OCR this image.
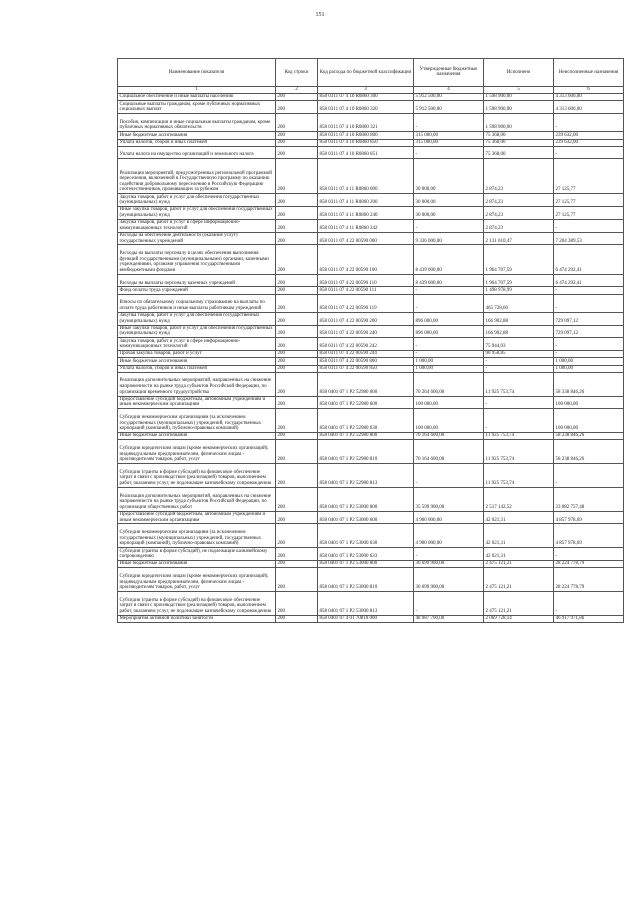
151
Наименование показателя	Код строки	Код расхода по бюджетной классификации	Утвержденные бюджетные назначения	Исполнено	Неисполненные назначения
1	2	3	4	5	6
Социальное обеспечение и иные выплаты населению	200	858 0311 07 4 10 R0860 300	5 912 500,00	1 598 900,00	4 313 600,00
Социальные выплаты гражданам, кроме публичных нормативных социальных выплат	200	858 0311 07 4 10 R0860 320	5 912 500,00	1 598 900,00	4 313 600,00
Пособия, компенсации и иные социальные выплаты гражданам, кроме публичных нормативных обязательств	200	858 0311 07 4 10 R0860 321	-	1 598 900,00	-
Иные бюджетные ассигнования	200	858 0311 07 4 10 R0860 800	315 000,00	75 368,00	239 632,00
Уплата налогов, сборов и иных платежей	200	858 0311 07 4 10 R0860 850	315 000,00	75 368,00	239 632,00
Уплата налога на имущество организаций и земельного налога	200	858 0311 07 4 10 R0860 851	-	75 368,00	-
Реализация мероприятий, предусмотренных региональной программой переселения, включенной в Государственную программу по оказанию содействия добровольному переселению в Российскую Федерацию соотечественников, проживающих за рубежом	200	858 0311 07 4 11 R0860 000	30 000,00	2 874,23	27 125,77
Закупка товаров, работ и услуг для обеспечения государственных (муниципальных) нужд	200	858 0311 07 4 11 R0860 200	30 000,00	2 874,23	27 125,77
Иные закупки товаров, работ и услуг для обеспечения государственных (муниципальных) нужд	200	858 0311 07 4 11 R0860 240	30 000,00	2 874,23	27 125,77
Закупка товаров, работ и услуг в сфере информационно-коммуникационных технологий	200	858 0311 07 4 11 R0860 242	-	2 874,23	-
Расходы на обеспечение деятельности (оказание услуг) государственных учреждений	200	858 0311 07 4 22 00590 000	9 336 000,00	2 131 610,47	7 204 389,53
Расходы на выплаты персоналу в целях обеспечения выполнения функций государственными (муниципальными) органами, казенными учреждениями, органами управления государственными внебюджетными фондами	200	858 0311 07 4 22 00590 100	8 439 000,00	1 964 707,59	6 474 292,41
Расходы на выплаты персоналу казенных учреждений	200	858 0311 07 4 22 00590 110	8 439 000,00	1 964 707,59	6 474 292,41
Фонд оплаты труда учреждений	200	858 0311 07 4 22 00590 111	-	1 498 978,99	-
Взносы по обязательному социальному страхованию на выплаты по оплате труда работников и иные выплаты работникам учреждений	200	858 0311 07 4 22 00590 119	-	465 728,60	-
Закупка товаров, работ и услуг для обеспечения государственных (муниципальных) нужд	200	858 0311 07 4 22 00590 200	896 000,00	166 902,88	729 097,12
Иные закупки товаров, работ и услуг для обеспечения государственных (муниципальных) нужд	200	858 0311 07 4 22 00590 240	896 000,00	166 902,88	729 097,12
Закупка товаров, работ и услуг в сфере информационно-коммуникационных технологий	200	858 0311 07 4 22 00590 242	-	75 944,03	-
Прочая закупка товаров, работ и услуг	200	858 0311 07 4 22 00590 244	-	90 958,85	-
Иные бюджетные ассигнования	200	858 0311 07 4 22 00590 800	1 000,00	-	1 000,00
Уплата налогов, сборов и иных платежей	200	858 0311 07 4 22 00590 850	1 000,00	-	1 000,00
Реализация дополнительных мероприятий, направленных на снижение напряженности на рынке труда субъектов Российской Федерации, по организации временного трудоустройства	200	858 0401 07 1 P2 52980 000	70 264 600,00	11 925 753,74	58 338 846,26
Предоставление субсидий бюджетным, автономным учреждениям и иным некоммерческим организациям	200	858 0401 07 1 P2 52980 600	100 000,00	-	100 000,00
Субсидии некоммерческим организациям (за исключением государственных (муниципальных) учреждений, государственных корпораций (компаний), публично-правовых компаний)	200	858 0401 07 1 P2 52980 630	100 000,00	-	100 000,00
Иные бюджетные ассигнования	200	858 0401 07 1 P2 52980 800	70 164 600,00	11 925 753,74	58 238 846,26
Субсидии юридическим лицам (кроме некоммерческих организаций), индивидуальным предпринимателям, физическим лицам - производителям товаров, работ, услуг	200	858 0401 07 1 P2 52980 810	70 164 600,00	11 925 753,74	58 238 846,26
Субсидии (гранты в форме субсидий) на финансовое обеспечение затрат в связи с производством (реализацией) товаров, выполнением работ, оказанием услуг, не подлежащие казначейскому сопровождению	200	858 0401 07 1 P2 52980 813	-	11 925 753,74	-
Реализация дополнительных мероприятий, направленных на снижение напряженности на рынке труда субъектов Российской Федерации, по организации общественных работ	200	858 0401 07 1 P2 53000 000	35 599 900,00	2 517 142,52	33 082 757,48
Предоставление субсидий бюджетным, автономным учреждениям и иным некоммерческим организациям	200	858 0401 07 1 P2 53000 600	4 900 000,00	42 021,31	4 857 978,69
Субсидии некоммерческим организациям (за исключением государственных (муниципальных) учреждений, государственных корпораций (компаний), публично-правовых компаний)	200	858 0401 07 1 P2 53000 630	4 900 000,00	42 021,31	4 857 978,69
Субсидии (гранты в форме субсидий), не подлежащие казначейскому сопровождению	200	858 0401 07 1 P2 53000 633	-	42 021,31	-
Иные бюджетные ассигнования	200	858 0401 07 1 P2 53000 800	30 699 900,00	2 475 121,21	28 224 778,79
Субсидии юридическим лицам (кроме некоммерческих организаций), индивидуальным предпринимателям, физическим лицам - производителям товаров, работ, услуг	200	858 0401 07 1 P2 53000 810	30 699 900,00	2 475 121,21	28 224 778,79
Субсидии (гранты в форме субсидий) на финансовое обеспечение затрат в связи с производством (реализацией) товаров, выполнением работ, оказанием услуг, не подлежащие казначейскому сопровождению	200	858 0401 07 1 P2 53000 813	-	2 475 121,21	-
Мероприятия активной политики занятости	200	858 0401 07 4 01 70810 000	48 987 700,00	2 069 728,14	46 917 971,86
